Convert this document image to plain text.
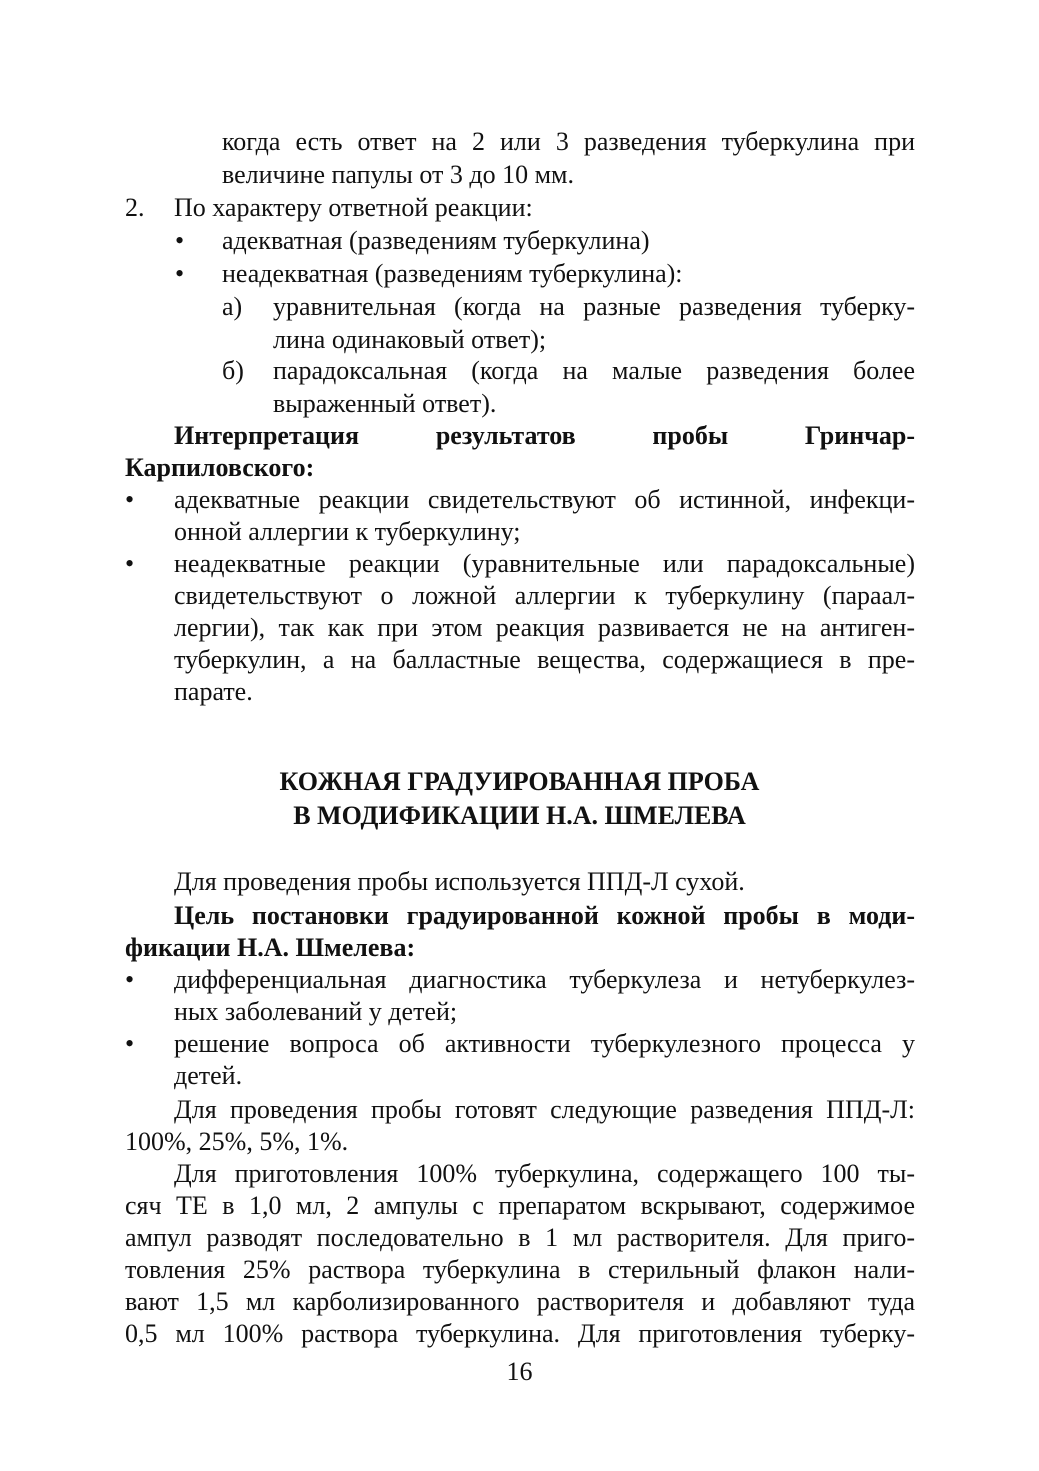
когда есть ответ на 2 или 3 разведения туберкулина при
величине папулы от 3 до 10 мм.
2. По характеру ответной реакции:
• адекватная (разведениям туберкулина)
• неадекватная (разведениям туберкулина):
а) уравнительная (когда на разные разведения туберку-
лина одинаковый ответ);
б) парадоксальная (когда на малые разведения более
выраженный ответ).
Интерпретация результатов пробы Гринчар-
Карпиловского:
• адекватные реакции свидетельствуют об истинной, инфекци-
онной аллергии к туберкулину;
• неадекватные реакции (уравнительные или парадоксальные)
свидетельствуют о ложной аллергии к туберкулину (параал-
лергии), так как при этом реакция развивается не на антиген-
туберкулин, а на балластные вещества, содержащиеся в пре-
парате.
КОЖНАЯ ГРАДУИРОВАННАЯ ПРОБА
В МОДИФИКАЦИИ Н.А. ШМЕЛЕВА
Для проведения пробы используется ППД-Л сухой.
Цель постановки градуированной кожной пробы в моди-
фикации Н.А. Шмелева:
• дифференциальная диагностика туберкулеза и нетуберкулез-
ных заболеваний у детей;
• решение вопроса об активности туберкулезного процесса у
детей.
Для проведения пробы готовят следующие разведения ППД-Л:
100%, 25%, 5%, 1%.
Для приготовления 100% туберкулина, содержащего 100 ты-
сяч ТЕ в 1,0 мл, 2 ампулы с препаратом вскрывают, содержимое
ампул разводят последовательно в 1 мл растворителя. Для приго-
товления 25% раствора туберкулина в стерильный флакон нали-
вают 1,5 мл карболизированного растворителя и добавляют туда
0,5 мл 100% раствора туберкулина. Для приготовления туберку-
16
